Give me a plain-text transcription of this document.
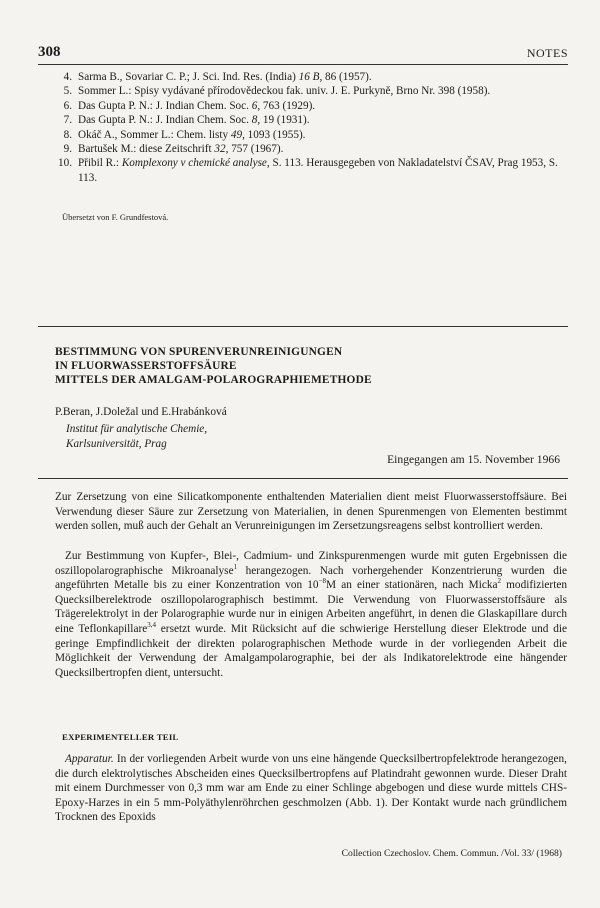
308	NOTES
4. Sarma B., Sovariar C. P.; J. Sci. Ind. Res. (India) 16 B, 86 (1957).
5. Sommer L.: Spisy vydávané přírodovědeckou fak. univ. J. E. Purkyně, Brno Nr. 398 (1958).
6. Das Gupta P. N.: J. Indian Chem. Soc. 6, 763 (1929).
7. Das Gupta P. N.: J. Indian Chem. Soc. 8, 19 (1931).
8. Okáč A., Sommer L.: Chem. listy 49, 1093 (1955).
9. Bartušek M.: diese Zeitschrift 32, 757 (1967).
10. Přibil R.: Komplexony v chemické analyse, S. 113. Herausgegeben von Nakladatelství ČSAV, Prag 1953, S. 113.
Übersetzt von F. Grundfestová.
BESTIMMUNG VON SPURENVERUNREINIGUNGEN
IN FLUORWASSERSTOFFSÄURE
MITTELS DER AMALGAM-POLAROGRAPHIEMETHODE
P.Beran, J.Doležal und E.Hrabánková
Institut für analytische Chemie,
Karlsuniversität, Prag
Eingegangen am 15. November 1966
Zur Zersetzung von eine Silicatkomponente enthaltenden Materialien dient meist Fluorwasserstoffsäure. Bei Verwendung dieser Säure zur Zersetzung von Materialien, in denen Spurenmengen von Elementen bestimmt werden sollen, muß auch der Gehalt an Verunreinigungen im Zersetzungsreagens selbst kontrolliert werden.
Zur Bestimmung von Kupfer-, Blei-, Cadmium- und Zinkspurenmengen wurde mit guten Ergebnissen die oszillopolarographische Mikroanalyse$^1$ herangezogen. Nach vorhergehender Konzentrierung wurden die angeführten Metalle bis zu einer Konzentration von $10^{-8}M$ an einer stationären, nach Micka$^2$ modifizierten Quecksilberelektrode oszillopolarographisch bestimmt. Die Verwendung von Fluorwasserstoffsäure als Trägerelektrolyt in der Polarographie wurde nur in einigen Arbeiten angeführt, in denen die Glaskapillare durch eine Teflonkapillare$^{3,4}$ ersetzt wurde. Mit Rücksicht auf die schwierige Herstellung dieser Elektrode und die geringe Empfindlichkeit der direkten polarographischen Methode wurde in der vorliegenden Arbeit die Möglichkeit der Verwendung der Amalgampolarographie, bei der als Indikatorelektrode eine hängender Quecksilbertropfen dient, untersucht.
EXPERIMENTELLER TEIL
Apparatur. In der vorliegenden Arbeit wurde von uns eine hängende Quecksilbertropfelektrode herangezogen, die durch elektrolytisches Abscheiden eines Quecksilbertropfens auf Platindraht gewonnen wurde. Dieser Draht mit einem Durchmesser von 0,3 mm war am Ende zu einer Schlinge abgebogen und diese wurde mittels CHS-Epoxy-Harzes in ein 5 mm-Polyäthylenröhrchen geschmolzen (Abb. 1). Der Kontakt wurde nach gründlichem Trocknen des Epoxids
Collection Czechoslov. Chem. Commun. /Vol. 33/ (1968)
